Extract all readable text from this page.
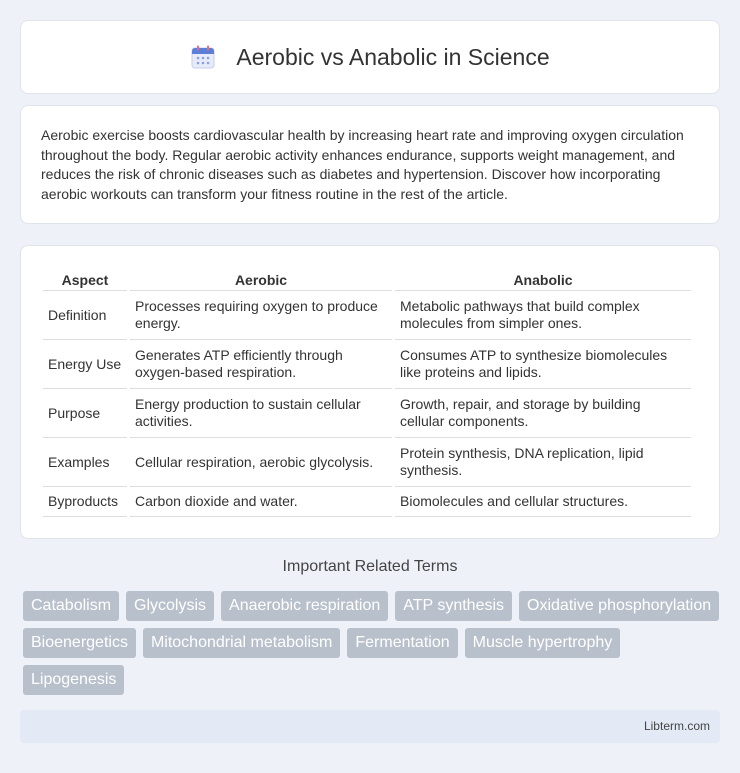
Aerobic vs Anabolic in Science

Aerobic exercise boosts cardiovascular health by increasing heart rate and improving oxygen circulation throughout the body. Regular aerobic activity enhances endurance, supports weight management, and reduces the risk of chronic diseases such as diabetes and hypertension. Discover how incorporating aerobic workouts can transform your fitness routine in the rest of the article.

Aspect	Aerobic	Anabolic
Definition	Processes requiring oxygen to produce energy.	Metabolic pathways that build complex molecules from simpler ones.
Energy Use	Generates ATP efficiently through oxygen-based respiration.	Consumes ATP to synthesize biomolecules like proteins and lipids.
Purpose	Energy production to sustain cellular activities.	Growth, repair, and storage by building cellular components.
Examples	Cellular respiration, aerobic glycolysis.	Protein synthesis, DNA replication, lipid synthesis.
Byproducts	Carbon dioxide and water.	Biomolecules and cellular structures.
Important Related Terms
Catabolism	Glycolysis	Anaerobic respiration	ATP synthesis	Oxidative phosphorylation
Bioenergetics	Mitochondrial metabolism	Fermentation	Muscle hypertrophy
Lipogenesis
Libterm.com
